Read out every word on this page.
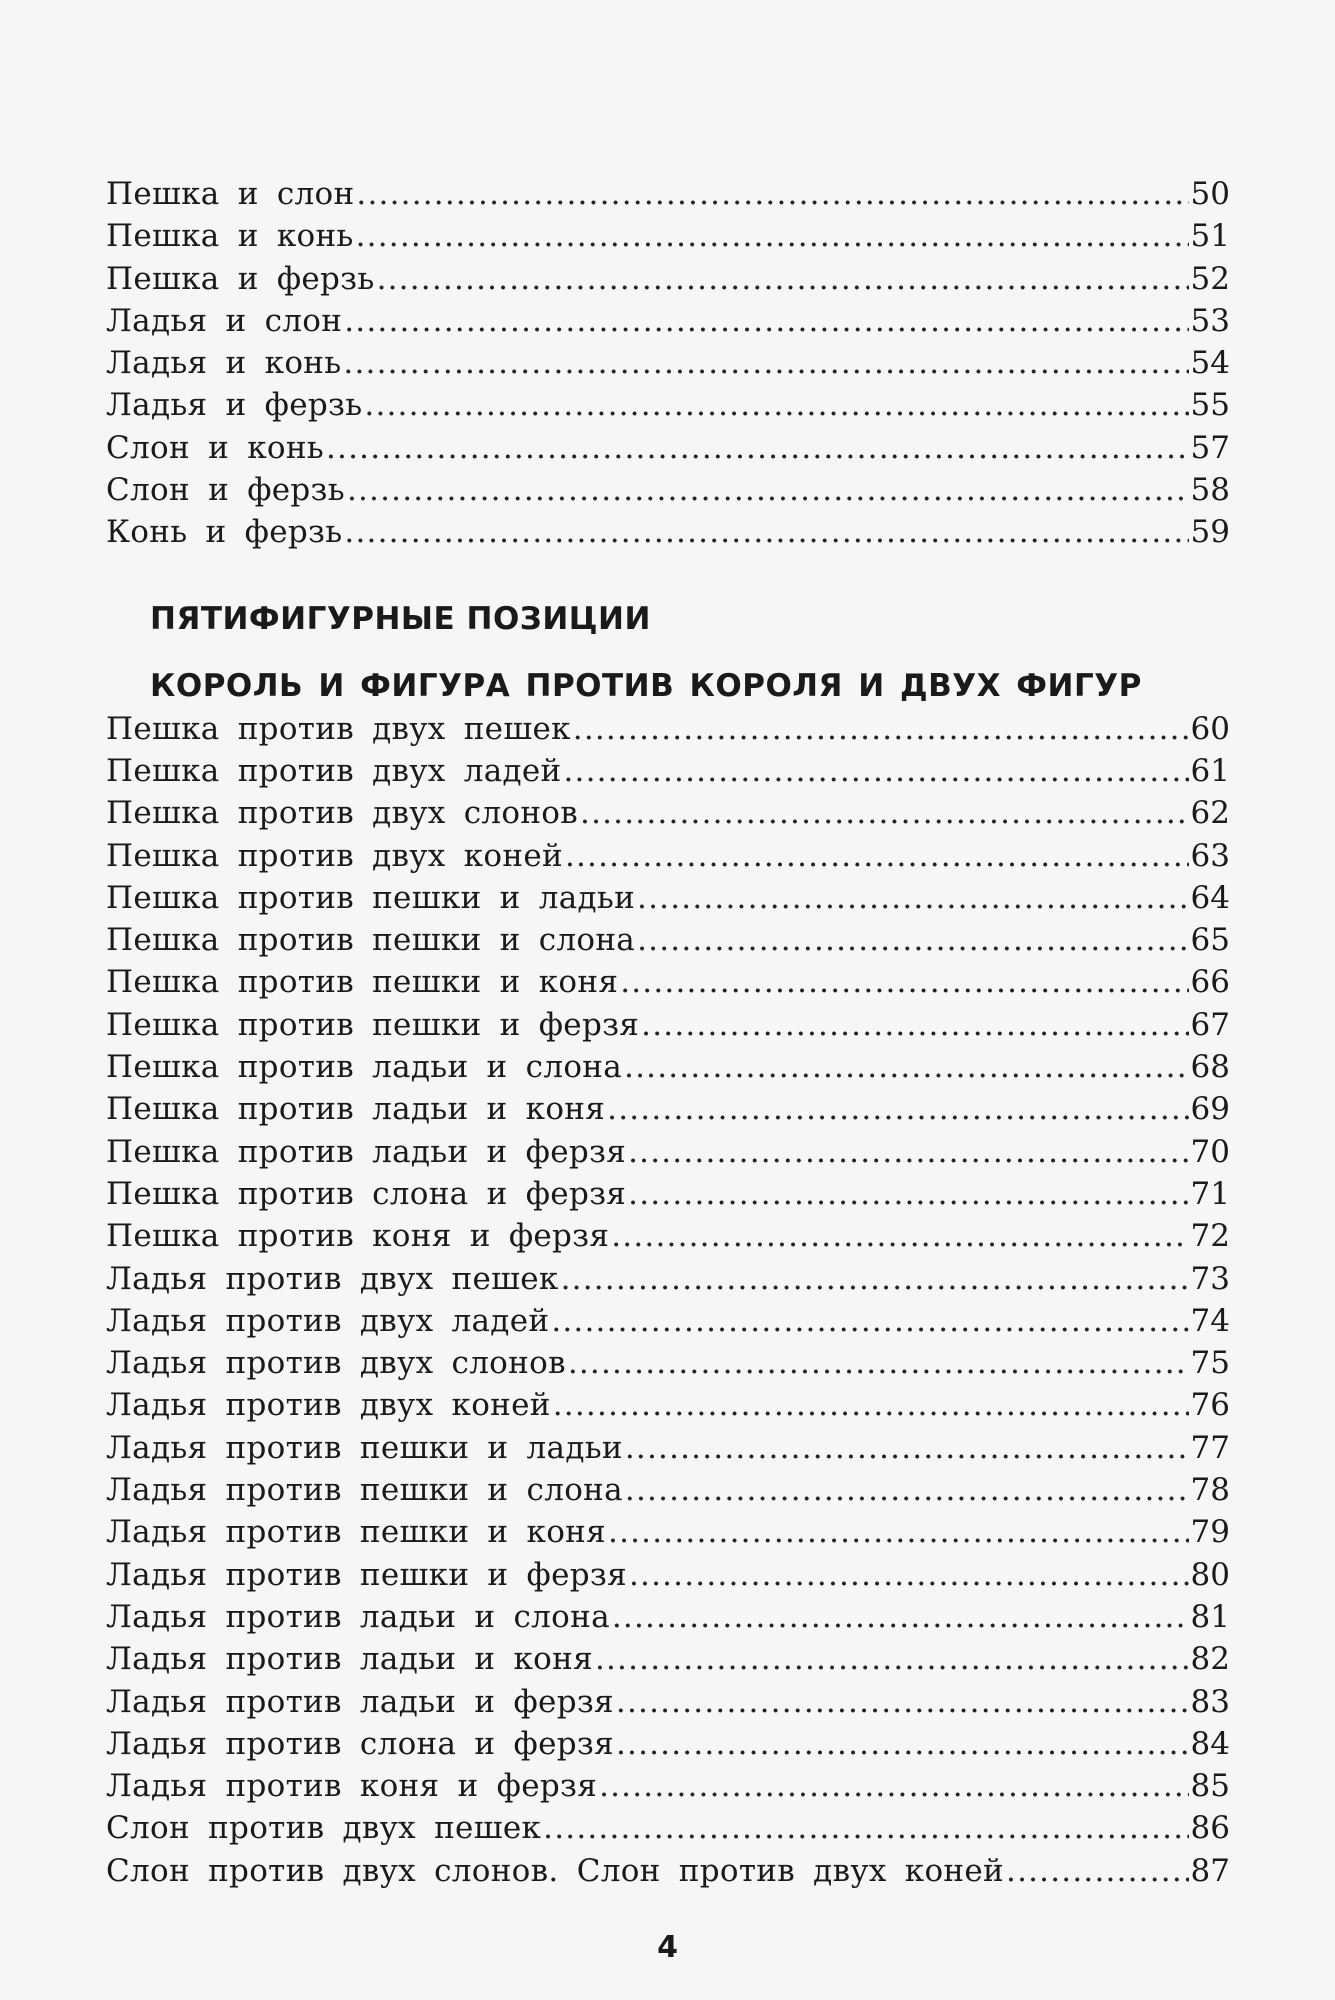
Пешка и слон .....	50
Пешка и конь .....	51
Пешка и ферзь .....	52
Ладья и слон .....	53
Ладья и конь .....	54
Ладья и ферзь .....	55
Слон и конь .....	57
Слон и ферзь .....	58
Конь и ферзь .....	59
ПЯТИФИГУРНЫЕ ПОЗИЦИИ
КОРОЛЬ И ФИГУРА ПРОТИВ КОРОЛЯ И ДВУХ ФИГУР
Пешка против двух пешек .....	60
Пешка против двух ладей .....	61
Пешка против двух слонов .....	62
Пешка против двух коней .....	63
Пешка против пешки и ладьи .....	64
Пешка против пешки и слона .....	65
Пешка против пешки и коня .....	66
Пешка против пешки и ферзя .....	67
Пешка против ладьи и слона .....	68
Пешка против ладьи и коня .....	69
Пешка против ладьи и ферзя .....	70
Пешка против слона и ферзя .....	71
Пешка против коня и ферзя .....	72
Ладья против двух пешек .....	73
Ладья против двух ладей .....	74
Ладья против двух слонов .....	75
Ладья против двух коней .....	76
Ладья против пешки и ладьи .....	77
Ладья против пешки и слона .....	78
Ладья против пешки и коня .....	79
Ладья против пешки и ферзя .....	80
Ладья против ладьи и слона .....	81
Ладья против ладьи и коня .....	82
Ладья против ладьи и ферзя .....	83
Ладья против слона и ферзя .....	84
Ладья против коня и ферзя .....	85
Слон против двух пешек .....	86
Слон против двух слонов. Слон против двух коней .....	87
4
